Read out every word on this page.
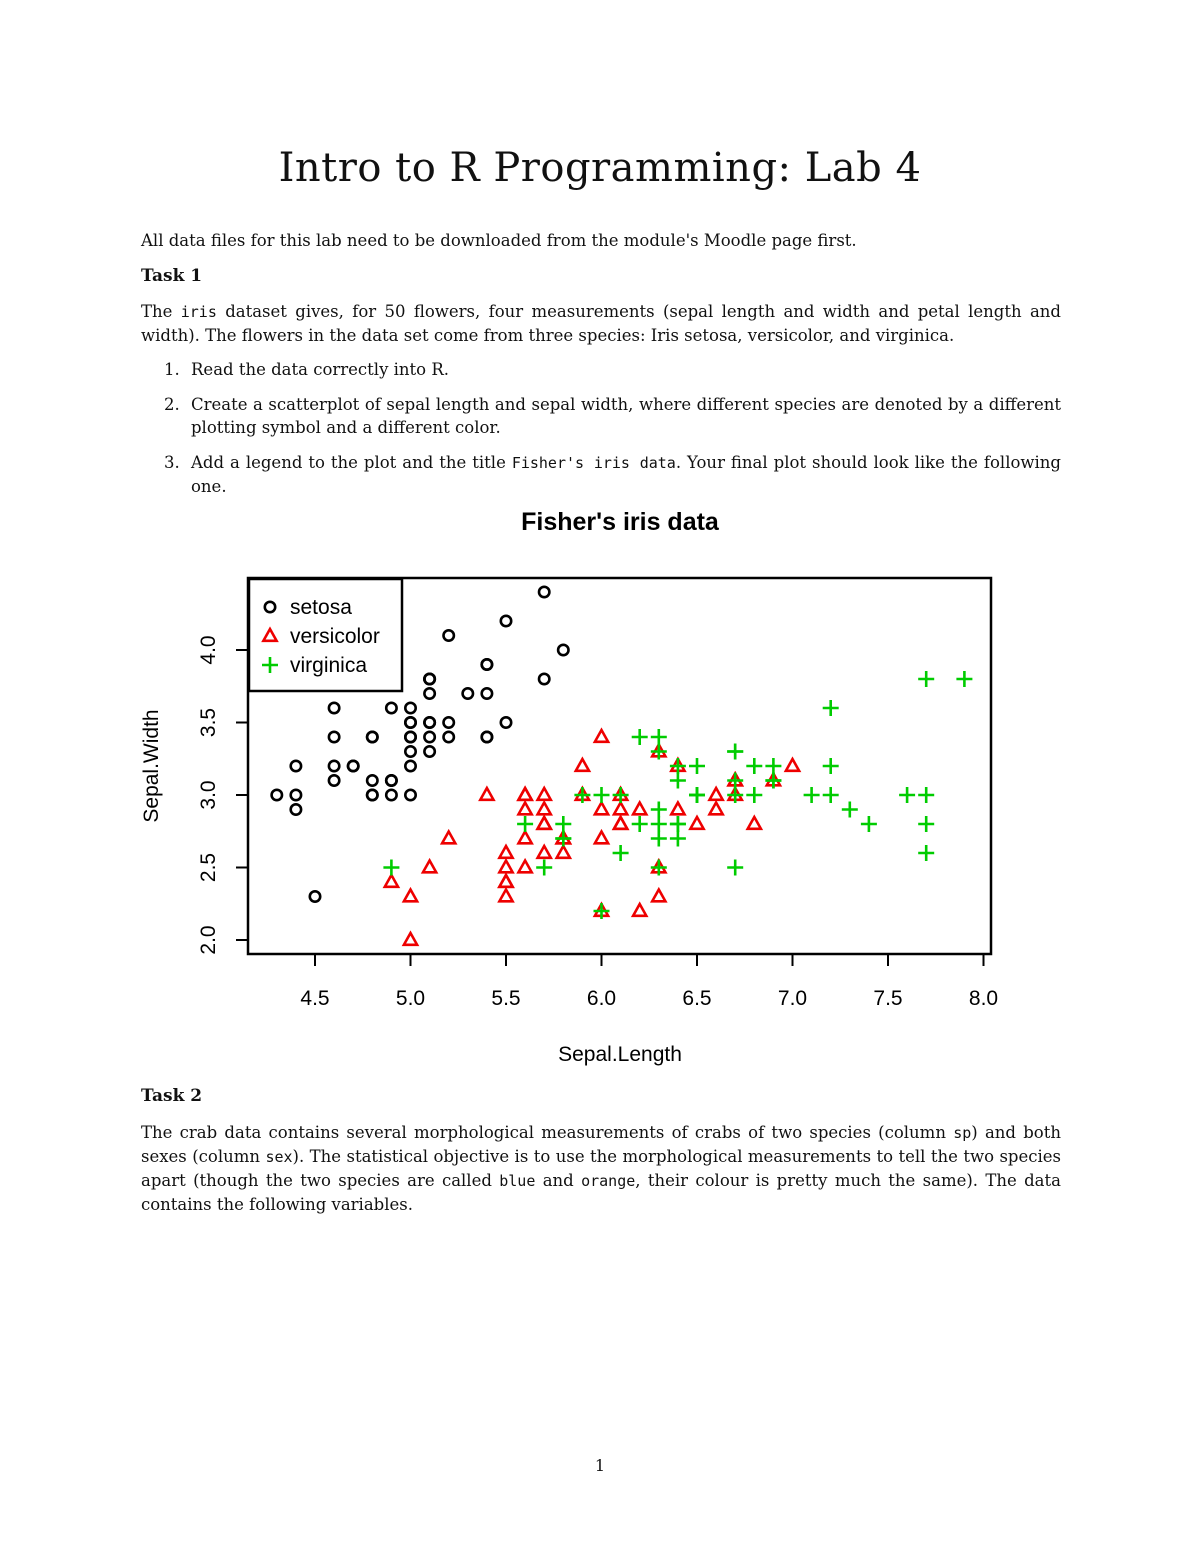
Intro to R Programming: Lab 4
All data files for this lab need to be downloaded from the module's Moodle page first.
Task 1
The iris dataset gives, for 50 flowers, four measurements (sepal length and width and petal length and width). The flowers in the data set come from three species: Iris setosa, versicolor, and virginica.
1. Read the data correctly into R.
2. Create a scatterplot of sepal length and sepal width, where different species are denoted by a different plotting symbol and a different color.
3. Add a legend to the plot and the title Fisher's iris data. Your final plot should look like the following one.
Fisher's iris data
4.5	5.0	5.5	6.0	6.5	7.0	7.5	8.0
2.0
2.5
3.0
3.5
4.0
Sepal.Length
Sepal.Width
setosa
versicolor
virginica
Task 2
The crab data contains several morphological measurements of crabs of two species (column sp) and both sexes (column sex). The statistical objective is to use the morphological measurements to tell the two species apart (though the two species are called blue and orange, their colour is pretty much the same). The data contains the following variables.
1
